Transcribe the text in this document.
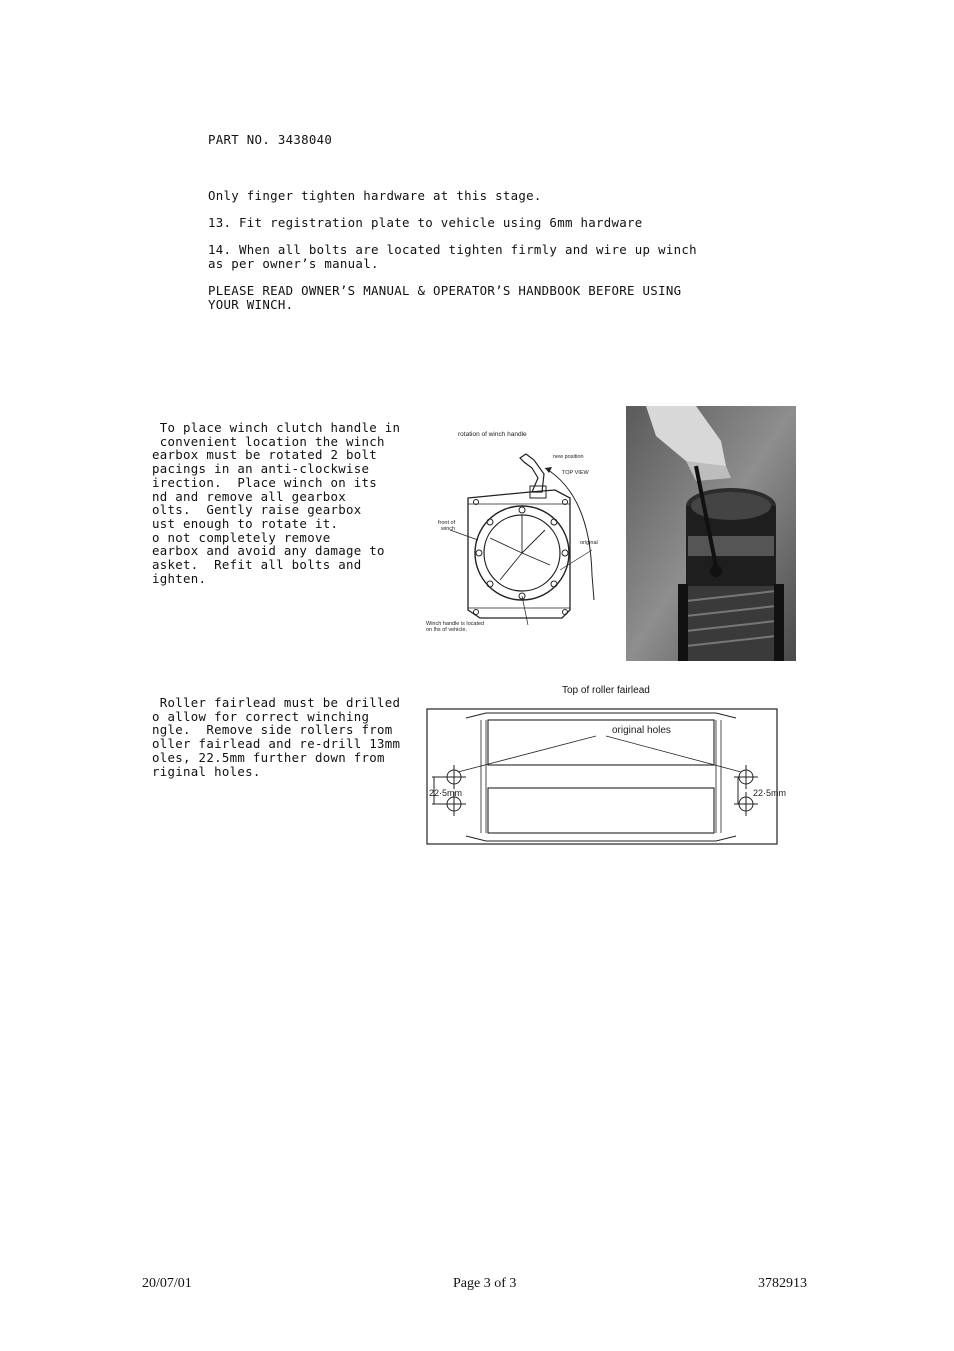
PART NO. 3438040
Only finger tighten hardware at this stage.
13. Fit registration plate to vehicle using 6mm hardware
14. When all bolts are located tighten firmly and wire up winch
as per owner’s manual.
PLEASE READ OWNER’S MANUAL & OPERATOR’S HANDBOOK BEFORE USING
YOUR WINCH.
To place winch clutch handle in
convenient location the winch
earbox must be rotated 2 bolt
pacings in an anti-clockwise
irection.  Place winch on its
nd and remove all gearbox
olts.  Gently raise gearbox
ust enough to rotate it.
o not completely remove
earbox and avoid any damage to
asket.  Refit all bolts and
ighten.
rotation of winch handle
new position
TOP VIEW
front of
winch
original
Winch handle is located
on lhs of vehicle.
Roller fairlead must be drilled
o allow for correct winching
ngle.  Remove side rollers from
oller fairlead and re-drill 13mm
oles, 22.5mm further down from
riginal holes.
Top of roller fairlead
original holes
22·5mm	22·5mm
20/07/01	Page 3 of 3	3782913
